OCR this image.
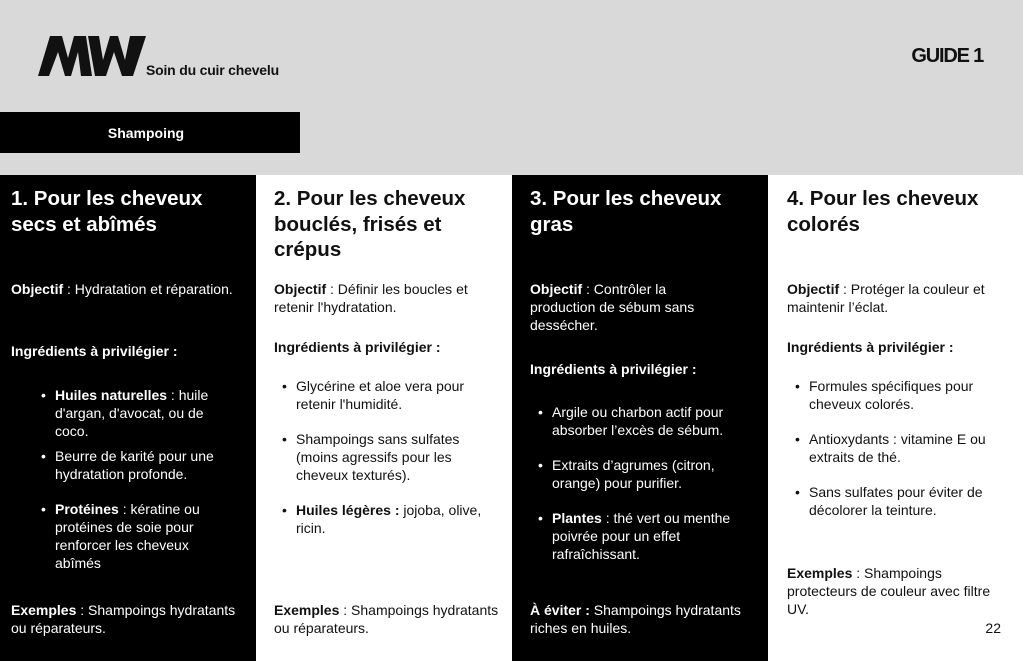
Soin du cuir chevelu
GUIDE 1
Shampoing
1. Pour les cheveux secs et abîmés

Objectif : Hydratation et réparation.

Ingrédients à privilégier :

• Huiles naturelles : huile d'argan, d'avocat, ou de coco.
• Beurre de karité pour une hydratation profonde.
• Protéines : kératine ou protéines de soie pour renforcer les cheveux abîmés

Exemples : Shampoings hydratants ou réparateurs.

2. Pour les cheveux bouclés, frisés et crépus

Objectif : Définir les boucles et retenir l'hydratation.

Ingrédients à privilégier :

• Glycérine et aloe vera pour retenir l'humidité.
• Shampoings sans sulfates (moins agressifs pour les cheveux texturés).
• Huiles légères : jojoba, olive, ricin.

Exemples : Shampoings hydratants ou réparateurs.

3. Pour les cheveux gras

Objectif : Contrôler la production de sébum sans dessécher.

Ingrédients à privilégier :

• Argile ou charbon actif pour absorber l’excès de sébum.
• Extraits d’agrumes (citron, orange) pour purifier.
• Plantes : thé vert ou menthe poivrée pour un effet rafraîchissant.

À éviter : Shampoings hydratants riches en huiles.

4. Pour les cheveux colorés

Objectif : Protéger la couleur et maintenir l’éclat.

Ingrédients à privilégier :

• Formules spécifiques pour cheveux colorés.
• Antioxydants : vitamine E ou extraits de thé.
• Sans sulfates pour éviter de décolorer la teinture.

Exemples : Shampoings protecteurs de couleur avec filtre UV.

22
